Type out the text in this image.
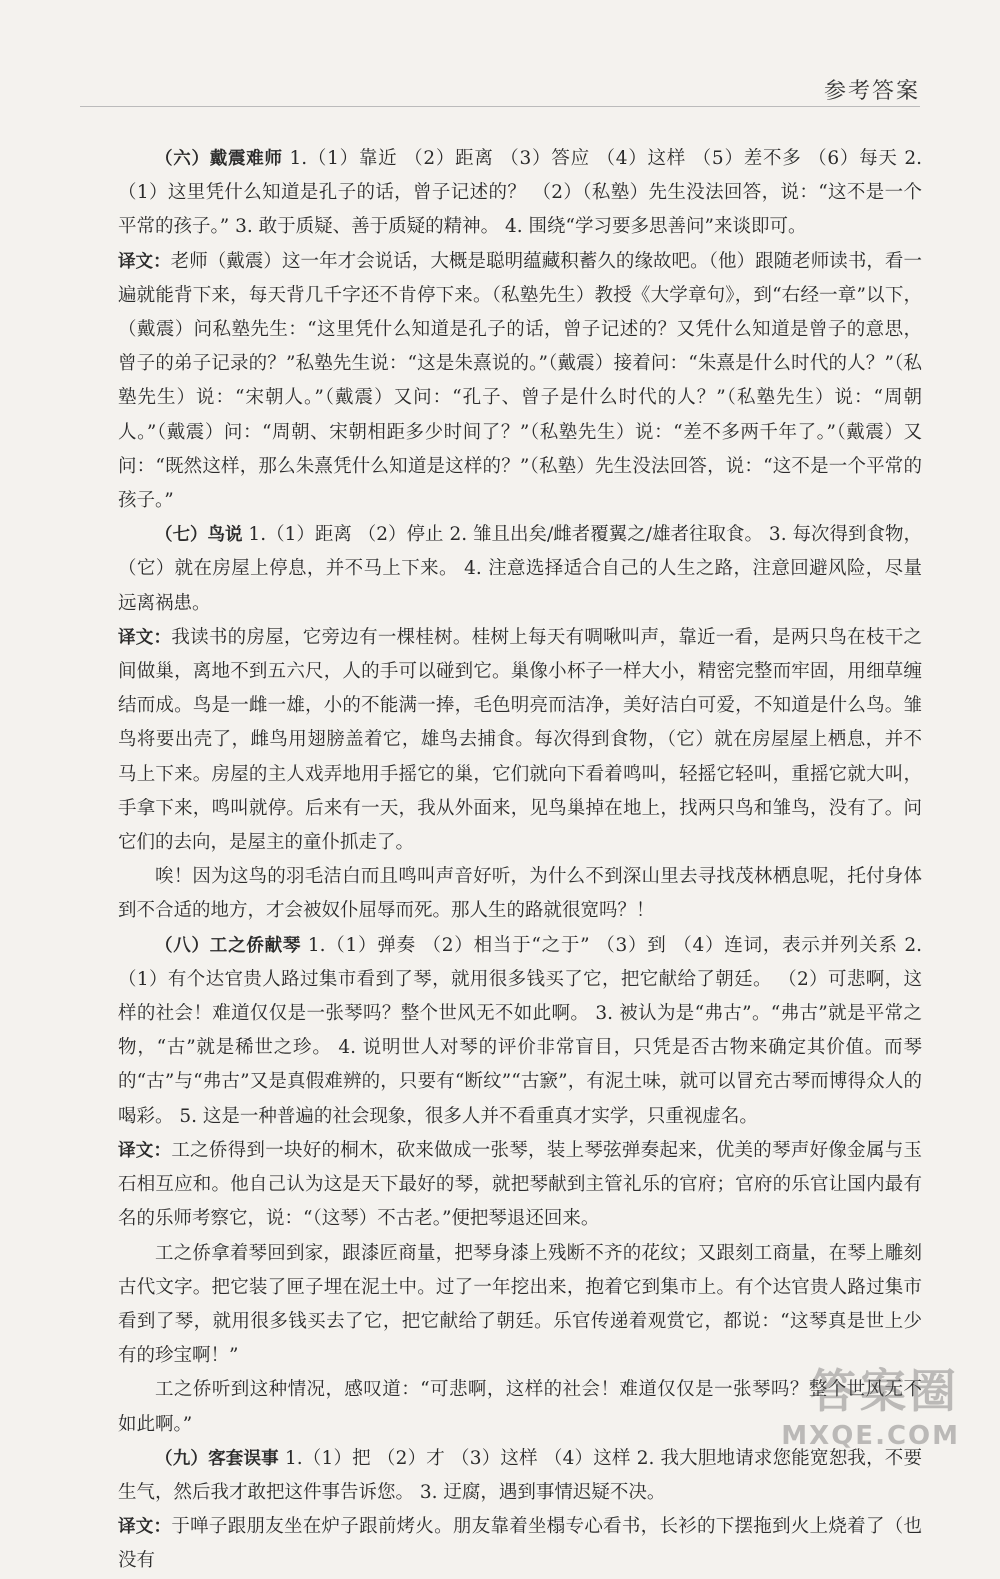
参考答案

（六）戴震难师 1.（1）靠近 （2）距离 （3）答应 （4）这样 （5）差不多 （6）每天 2.（1）这里凭什么知道是孔子的话，曾子记述的？ （2）（私塾）先生没法回答，说：“这不是一个平常的孩子。” 3. 敢于质疑、善于质疑的精神。 4. 围绕“学习要多思善问”来谈即可。

译文：老师（戴震）这一年才会说话，大概是聪明蕴藏积蓄久的缘故吧。（他）跟随老师读书，看一遍就能背下来，每天背几千字还不肯停下来。（私塾先生）教授《大学章句》，到“右经一章”以下，（戴震）问私塾先生：“这里凭什么知道是孔子的话，曾子记述的？又凭什么知道是曾子的意思，曾子的弟子记录的？”私塾先生说：“这是朱熹说的。”（戴震）接着问：“朱熹是什么时代的人？”（私塾先生）说：“宋朝人。”（戴震）又问：“孔子、曾子是什么时代的人？”（私塾先生）说：“周朝人。”（戴震）问：“周朝、宋朝相距多少时间了？”（私塾先生）说：“差不多两千年了。”（戴震）又问：“既然这样，那么朱熹凭什么知道是这样的？”（私塾）先生没法回答，说：“这不是一个平常的孩子。”

（七）鸟说 1.（1）距离 （2）停止 2. 雏且出矣/雌者覆翼之/雄者往取食。 3. 每次得到食物，（它）就在房屋上停息，并不马上下来。 4. 注意选择适合自己的人生之路，注意回避风险，尽量远离祸患。

译文：我读书的房屋，它旁边有一棵桂树。桂树上每天有啁啾叫声，靠近一看，是两只鸟在枝干之间做巢，离地不到五六尺，人的手可以碰到它。巢像小杯子一样大小，精密完整而牢固，用细草缠结而成。鸟是一雌一雄，小的不能满一捧，毛色明亮而洁净，美好洁白可爱，不知道是什么鸟。雏鸟将要出壳了，雌鸟用翅膀盖着它，雄鸟去捕食。每次得到食物，（它）就在房屋屋上栖息，并不马上下来。房屋的主人戏弄地用手摇它的巢，它们就向下看着鸣叫，轻摇它轻叫，重摇它就大叫，手拿下来，鸣叫就停。后来有一天，我从外面来，见鸟巢掉在地上，找两只鸟和雏鸟，没有了。问它们的去向，是屋主的童仆抓走了。

唉！因为这鸟的羽毛洁白而且鸣叫声音好听，为什么不到深山里去寻找茂林栖息呢，托付身体到不合适的地方，才会被奴仆屈辱而死。那人生的路就很宽吗？！

（八）工之侨献琴 1.（1）弹奏 （2）相当于“之于” （3）到 （4）连词，表示并列关系 2.（1）有个达官贵人路过集市看到了琴，就用很多钱买了它，把它献给了朝廷。 （2）可悲啊，这样的社会！难道仅仅是一张琴吗？整个世风无不如此啊。 3. 被认为是“弗古”。“弗古”就是平常之物，“古”就是稀世之珍。 4. 说明世人对琴的评价非常盲目，只凭是否古物来确定其价值。而琴的“古”与“弗古”又是真假难辨的，只要有“断纹”“古窾”，有泥土味，就可以冒充古琴而博得众人的喝彩。 5. 这是一种普遍的社会现象，很多人并不看重真才实学，只重视虚名。

译文：工之侨得到一块好的桐木，砍来做成一张琴，装上琴弦弹奏起来，优美的琴声好像金属与玉石相互应和。他自己认为这是天下最好的琴，就把琴献到主管礼乐的官府；官府的乐官让国内最有名的乐师考察它，说：“（这琴）不古老。”便把琴退还回来。

工之侨拿着琴回到家，跟漆匠商量，把琴身漆上残断不齐的花纹；又跟刻工商量，在琴上雕刻古代文字。把它装了匣子埋在泥土中。过了一年挖出来，抱着它到集市上。有个达官贵人路过集市看到了琴，就用很多钱买去了它，把它献给了朝廷。乐官传递着观赏它，都说：“这琴真是世上少有的珍宝啊！”

工之侨听到这种情况，感叹道：“可悲啊，这样的社会！难道仅仅是一张琴吗？整个世风无不如此啊。”

（九）客套误事 1.（1）把 （2）才 （3）这样 （4）这样 2. 我大胆地请求您能宽恕我，不要生气，然后我才敢把这件事告诉您。 3. 迂腐，遇到事情迟疑不决。

译文：于啴子跟朋友坐在炉子跟前烤火。朋友靠着坐榻专心看书，长衫的下摆拖到火上烧着了（也没有

答案圈
MXQE.COM
